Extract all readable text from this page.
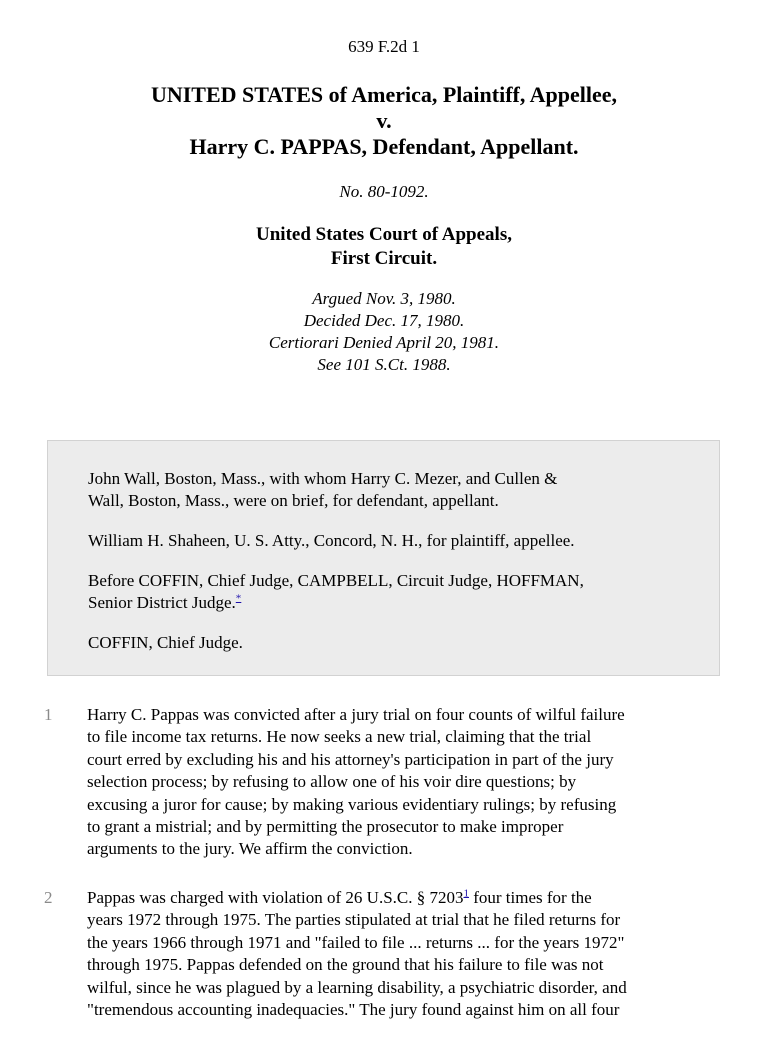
639 F.2d 1
UNITED STATES of America, Plaintiff, Appellee,
v.
Harry C. PAPPAS, Defendant, Appellant.
No. 80-1092.
United States Court of Appeals,
First Circuit.
Argued Nov. 3, 1980.
Decided Dec. 17, 1980.
Certiorari Denied April 20, 1981.
See 101 S.Ct. 1988.

John Wall, Boston, Mass., with whom Harry C. Mezer, and Cullen &
Wall, Boston, Mass., were on brief, for defendant, appellant.

William H. Shaheen, U. S. Atty., Concord, N. H., for plaintiff, appellee.

Before COFFIN, Chief Judge, CAMPBELL, Circuit Judge, HOFFMAN,
Senior District Judge.*

COFFIN, Chief Judge.

1 Harry C. Pappas was convicted after a jury trial on four counts of wilful failure
to file income tax returns. He now seeks a new trial, claiming that the trial
court erred by excluding his and his attorney's participation in part of the jury
selection process; by refusing to allow one of his voir dire questions; by
excusing a juror for cause; by making various evidentiary rulings; by refusing
to grant a mistrial; and by permitting the prosecutor to make improper
arguments to the jury. We affirm the conviction.
2 Pappas was charged with violation of 26 U.S.C. § 7203$^1$ four times for the
years 1972 through 1975. The parties stipulated at trial that he filed returns for
the years 1966 through 1971 and "failed to file ... returns ... for the years 1972"
through 1975. Pappas defended on the ground that his failure to file was not
wilful, since he was plagued by a learning disability, a psychiatric disorder, and
"tremendous accounting inadequacies." The jury found against him on all four
